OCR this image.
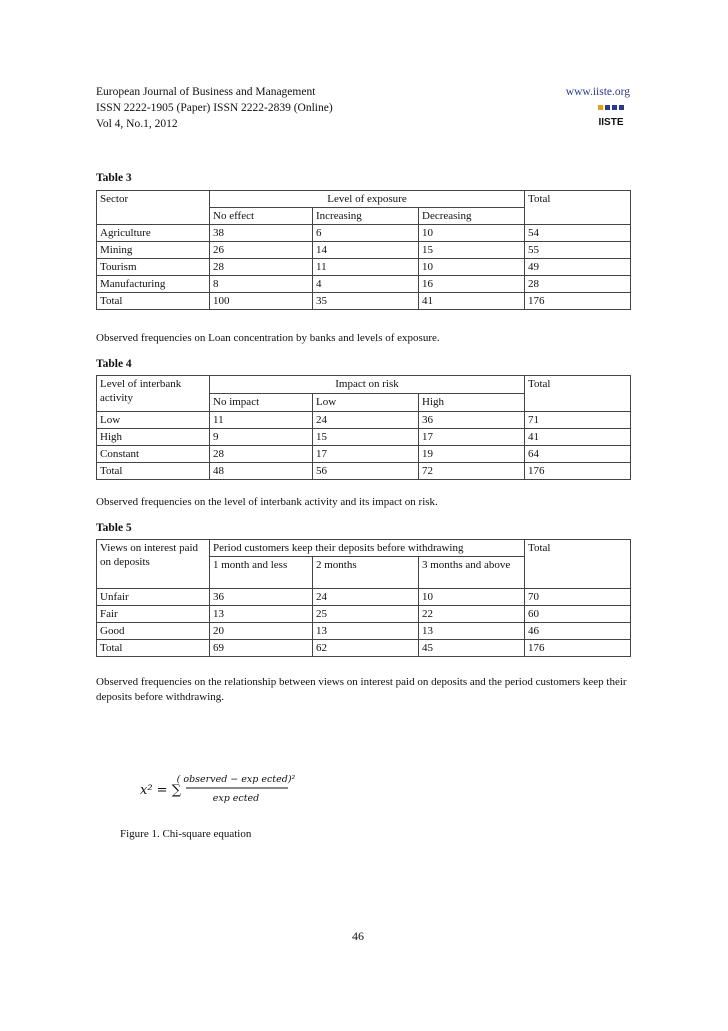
European Journal of Business and Management
ISSN 2222-1905 (Paper) ISSN 2222-2839 (Online)
Vol 4, No.1, 2012
www.iiste.org
IISTE
Table 3
Sector	Level of exposure			Total
	No effect	Increasing	Decreasing	
Agriculture	38	6	10	54
Mining	26	14	15	55
Tourism	28	11	10	49
Manufacturing	8	4	16	28
Total	100	35	41	176
Observed frequencies on Loan concentration by banks and levels of exposure.
Table 4
Level of interbank activity	Impact on risk			Total
	No impact	Low	High	
Low	11	24	36	71
High	9	15	17	41
Constant	28	17	19	64
Total	48	56	72	176
Observed frequencies on the level of interbank activity and its impact on risk.
Table 5
Views on interest paid on deposits	Period customers keep their deposits before withdrawing			Total
	1 month and less	2 months	3 months and above	
Unfair	36	24	10	70
Fair	13	25	22	60
Good	20	13	13	46
Total	69	62	45	176
Observed frequencies on the relationship between views on interest paid on deposits and the period customers keep their deposits before withdrawing.
x² = ∑
( observed − exp ected)²
exp ected
Figure 1. Chi-square equation
46
